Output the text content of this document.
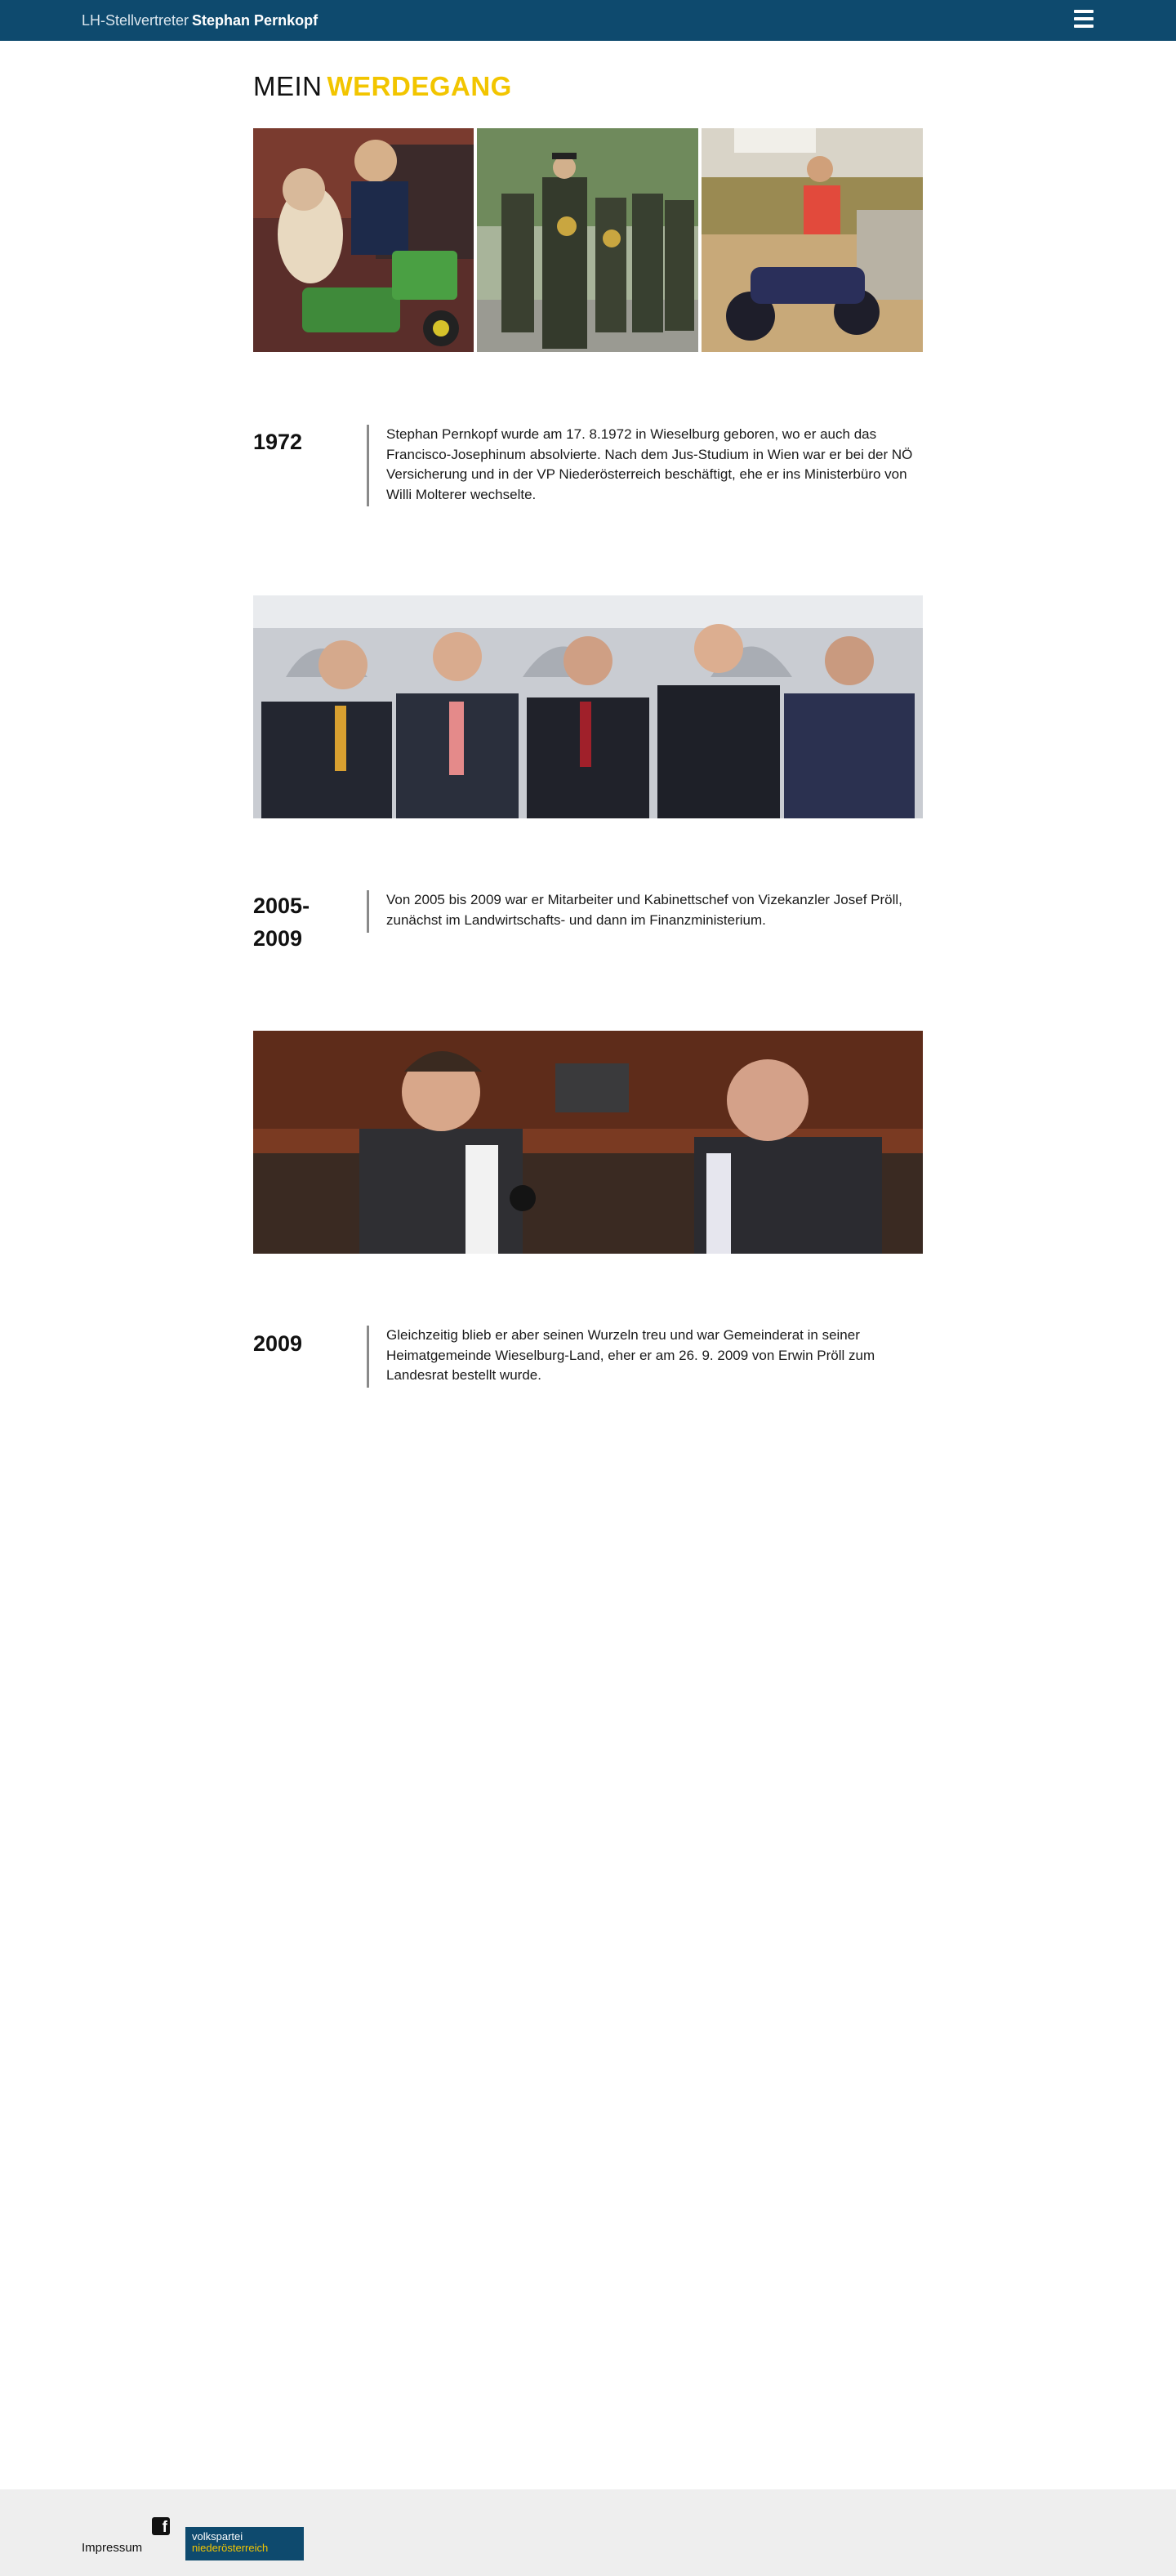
LH-Stellvertreter Stephan Pernkopf
MEIN WERDEGANG
1972	Stephan Pernkopf wurde am 17. 8.1972 in Wieselburg geboren, wo er auch das Francisco-Josephinum absolvierte. Nach dem Jus-Studium in Wien war er bei der NÖ Versicherung und in der VP Niederösterreich beschäftigt, ehe er ins Ministerbüro von Willi Molterer wechselte.
2005-2009
Von 2005 bis 2009 war er Mitarbeiter und Kabinettschef von Vizekanzler Josef Pröll, zunächst im Landwirtschafts- und dann im Finanzministerium.
2009	Gleichzeitig blieb er aber seinen Wurzeln treu und war Gemeinderat in seiner Heimatgemeinde Wieselburg-Land, eher er am 26. 9. 2009 von Erwin Pröll zum Landesrat bestellt wurde.
Impressum
f
volkspartei
niederösterreich
